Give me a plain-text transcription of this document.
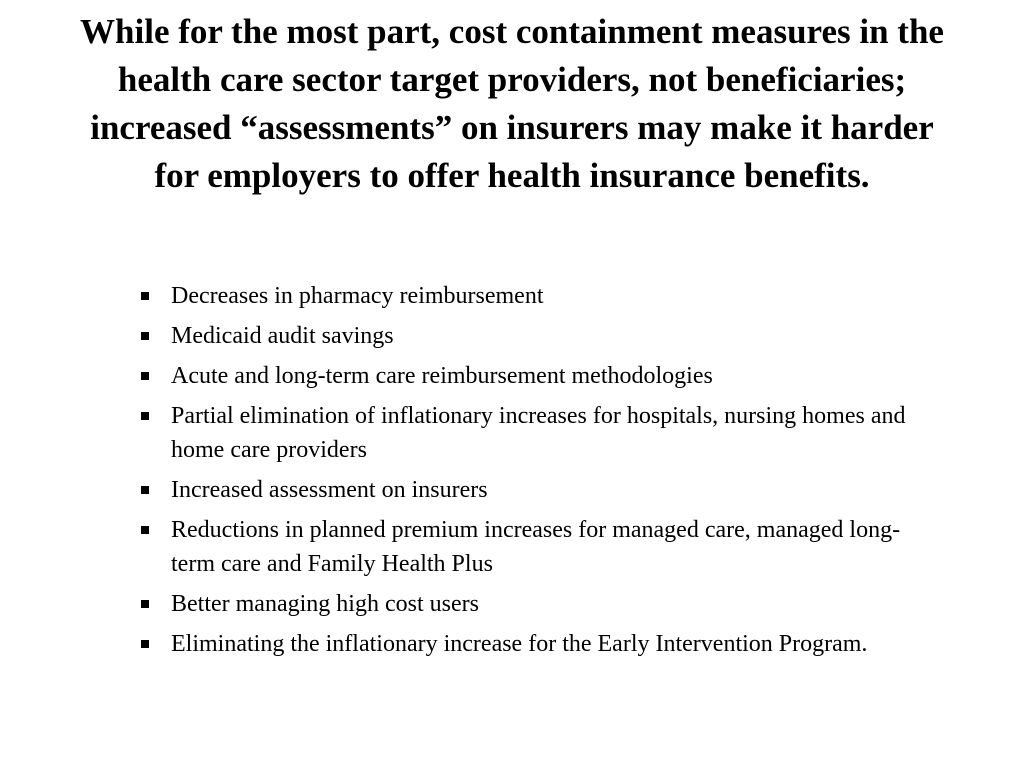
While for the most part, cost containment measures in the health care sector target providers, not beneficiaries; increased “assessments” on insurers may make it harder for employers to offer health insurance benefits.
Decreases in pharmacy reimbursement
Medicaid audit savings
Acute and long-term care reimbursement methodologies
Partial elimination of inflationary increases for hospitals, nursing homes and home care providers
Increased assessment on insurers
Reductions in planned premium increases for managed care, managed long-term care and Family Health Plus
Better managing high cost users
Eliminating the inflationary increase for the Early Intervention Program.
